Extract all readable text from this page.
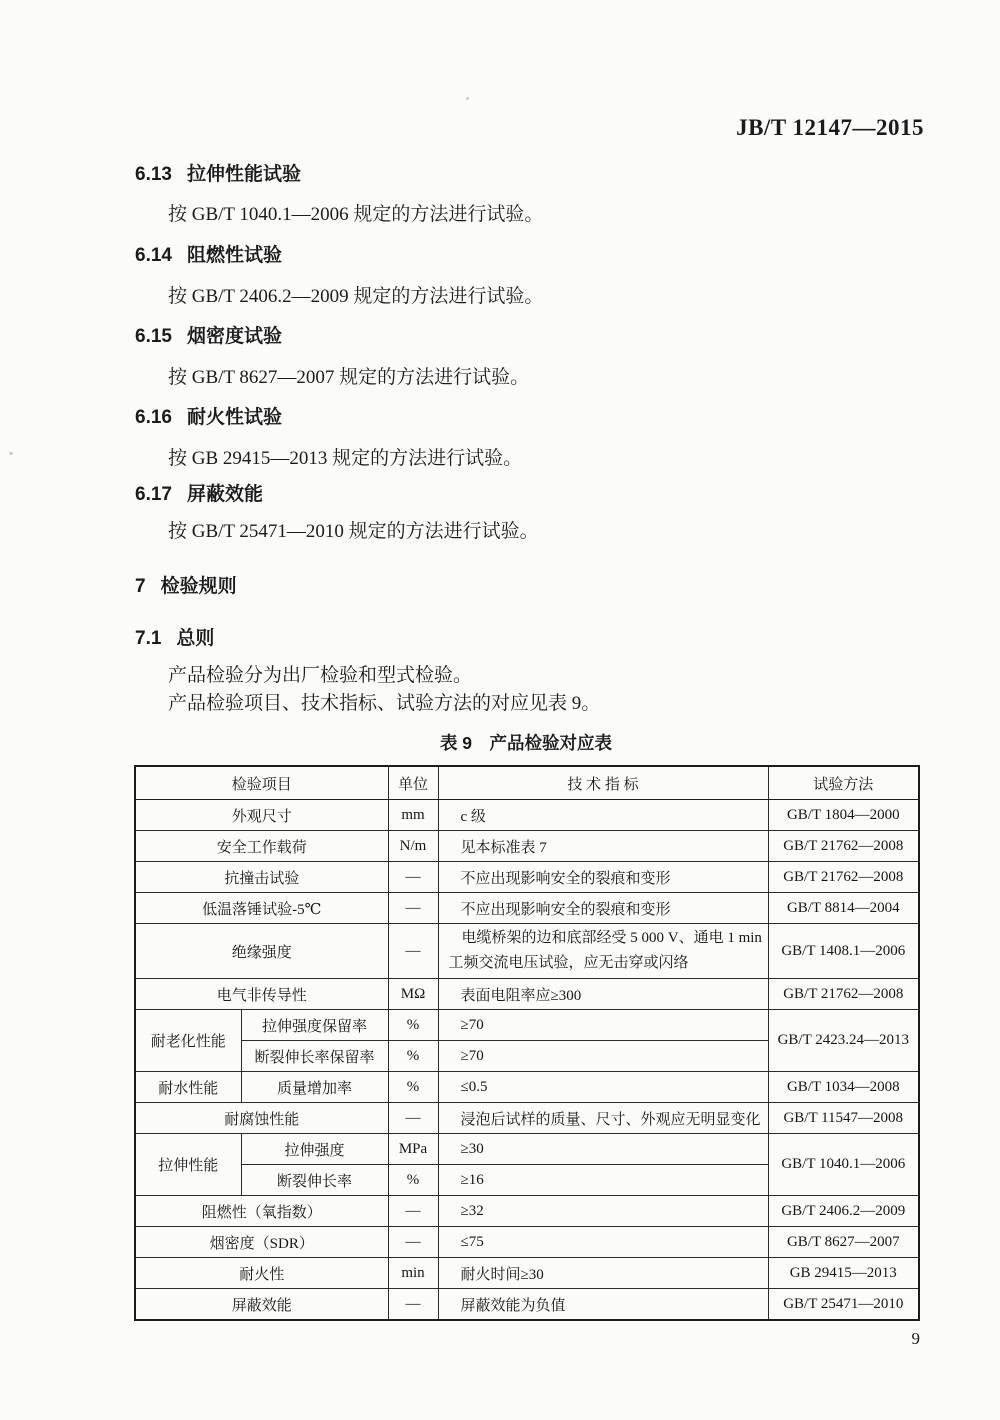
JB/T 12147—2015
6.13 拉伸性能试验
按 GB/T 1040.1—2006 规定的方法进行试验。
6.14 阻燃性试验
按 GB/T 2406.2—2009 规定的方法进行试验。
6.15 烟密度试验
按 GB/T 8627—2007 规定的方法进行试验。
6.16 耐火性试验
按 GB 29415—2013 规定的方法进行试验。
6.17 屏蔽效能
按 GB/T 25471—2010 规定的方法进行试验。
7 检验规则
7.1 总则
产品检验分为出厂检验和型式检验。
产品检验项目、技术指标、试验方法的对应见表 9。
表 9　产品检验对应表
检验项目		单位	技 术 指 标	试验方法
外观尺寸		mm	c 级	GB/T 1804—2000
安全工作载荷		N/m	见本标准表 7	GB/T 21762—2008
抗撞击试验		—	不应出现影响安全的裂痕和变形	GB/T 21762—2008
低温落锤试验-5℃		—	不应出现影响安全的裂痕和变形	GB/T 8814—2004
绝缘强度		—	电缆桥架的边和底部经受 5 000 V、通电 1 min
工频交流电压试验，应无击穿或闪络	GB/T 1408.1—2006
电气非传导性		MΩ	表面电阻率应≥300	GB/T 21762—2008
耐老化性能	拉伸强度保留率	%	≥70	GB/T 2423.24—2013
	断裂伸长率保留率	%	≥70	
耐水性能	质量增加率	%	≤0.5	GB/T 1034—2008
耐腐蚀性能		—	浸泡后试样的质量、尺寸、外观应无明显变化	GB/T 11547—2008
拉伸性能	拉伸强度	MPa	≥30	GB/T 1040.1—2006
	断裂伸长率	%	≥16	
阻燃性（氧指数）		—	≥32	GB/T 2406.2—2009
烟密度（SDR）		—	≤75	GB/T 8627—2007
耐火性		min	耐火时间≥30	GB 29415—2013
屏蔽效能		—	屏蔽效能为负值	GB/T 25471—2010
9
